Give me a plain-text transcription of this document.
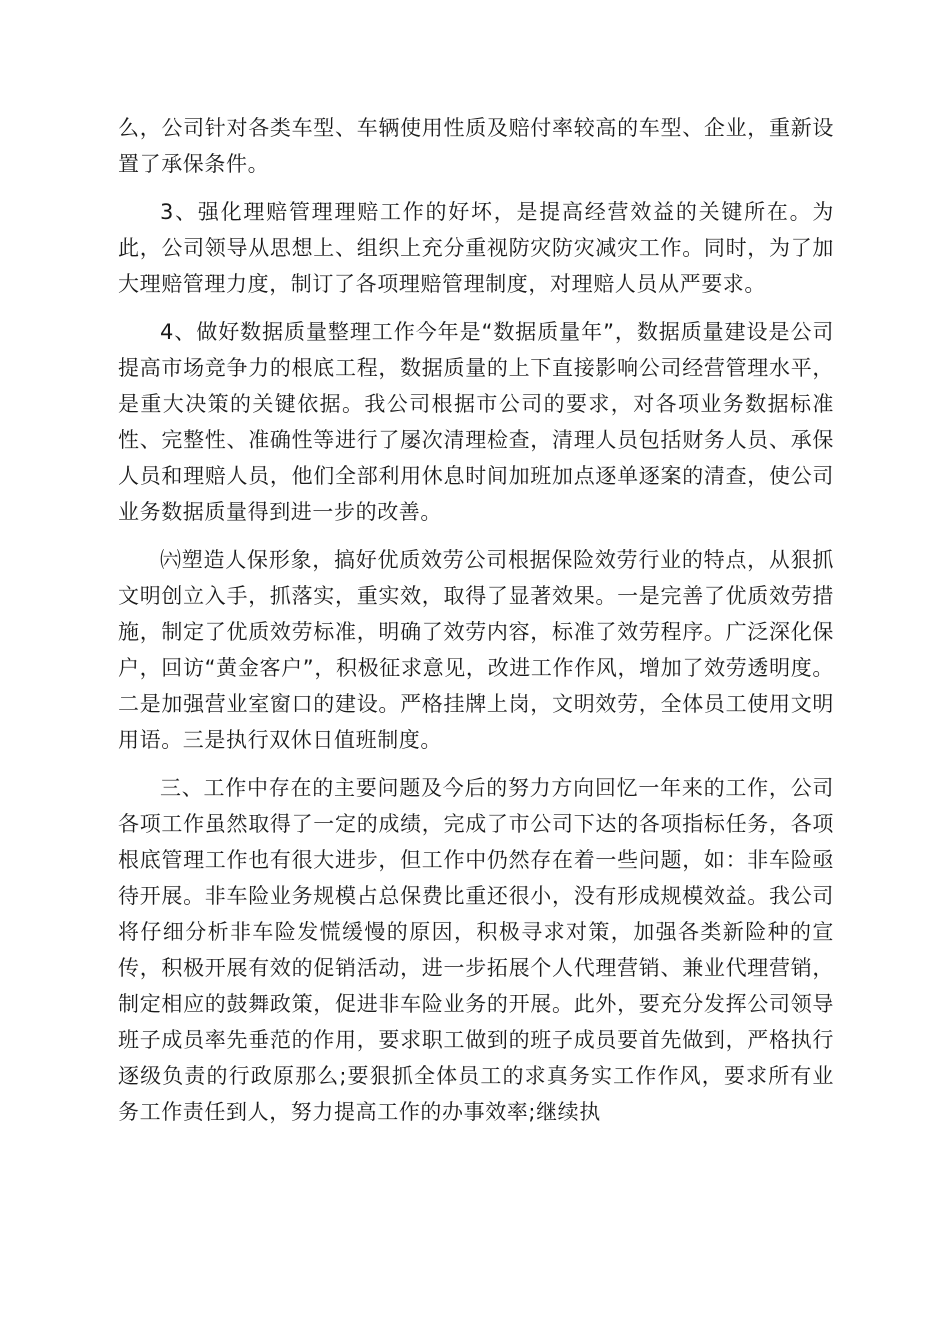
么，公司针对各类车型、车辆使用性质及赔付率较高的车型、企业，重新设置了承保条件。

3、强化理赔管理理赔工作的好坏，是提高经营效益的关键所在。为此，公司领导从思想上、组织上充分重视防灾防灾减灾工作。同时，为了加大理赔管理力度，制订了各项理赔管理制度，对理赔人员从严要求。

4、做好数据质量整理工作今年是“数据质量年”，数据质量建设是公司提高市场竞争力的根底工程，数据质量的上下直接影响公司经营管理水平，是重大决策的关键依据。我公司根据市公司的要求，对各项业务数据标准性、完整性、准确性等进行了屡次清理检查，清理人员包括财务人员、承保人员和理赔人员，他们全部利用休息时间加班加点逐单逐案的清查，使公司业务数据质量得到进一步的改善。

㈥塑造人保形象，搞好优质效劳公司根据保险效劳行业的特点，从狠抓文明创立入手，抓落实，重实效，取得了显著效果。一是完善了优质效劳措施，制定了优质效劳标准，明确了效劳内容，标准了效劳程序。广泛深化保户，回访“黄金客户”，积极征求意见，改进工作作风，增加了效劳透明度。二是加强营业室窗口的建设。严格挂牌上岗，文明效劳，全体员工使用文明用语。三是执行双休日值班制度。

三、工作中存在的主要问题及今后的努力方向回忆一年来的工作，公司各项工作虽然取得了一定的成绩，完成了市公司下达的各项指标任务，各项根底管理工作也有很大进步，但工作中仍然存在着一些问题，如：非车险亟待开展。非车险业务规模占总保费比重还很小，没有形成规模效益。我公司将仔细分析非车险发慌缓慢的原因，积极寻求对策，加强各类新险种的宣传，积极开展有效的促销活动，进一步拓展个人代理营销、兼业代理营销，制定相应的鼓舞政策，促进非车险业务的开展。此外，要充分发挥公司领导班子成员率先垂范的作用，要求职工做到的班子成员要首先做到，严格执行逐级负责的行政原那么;要狠抓全体员工的求真务实工作作风，要求所有业务工作责任到人，努力提高工作的办事效率;继续执
